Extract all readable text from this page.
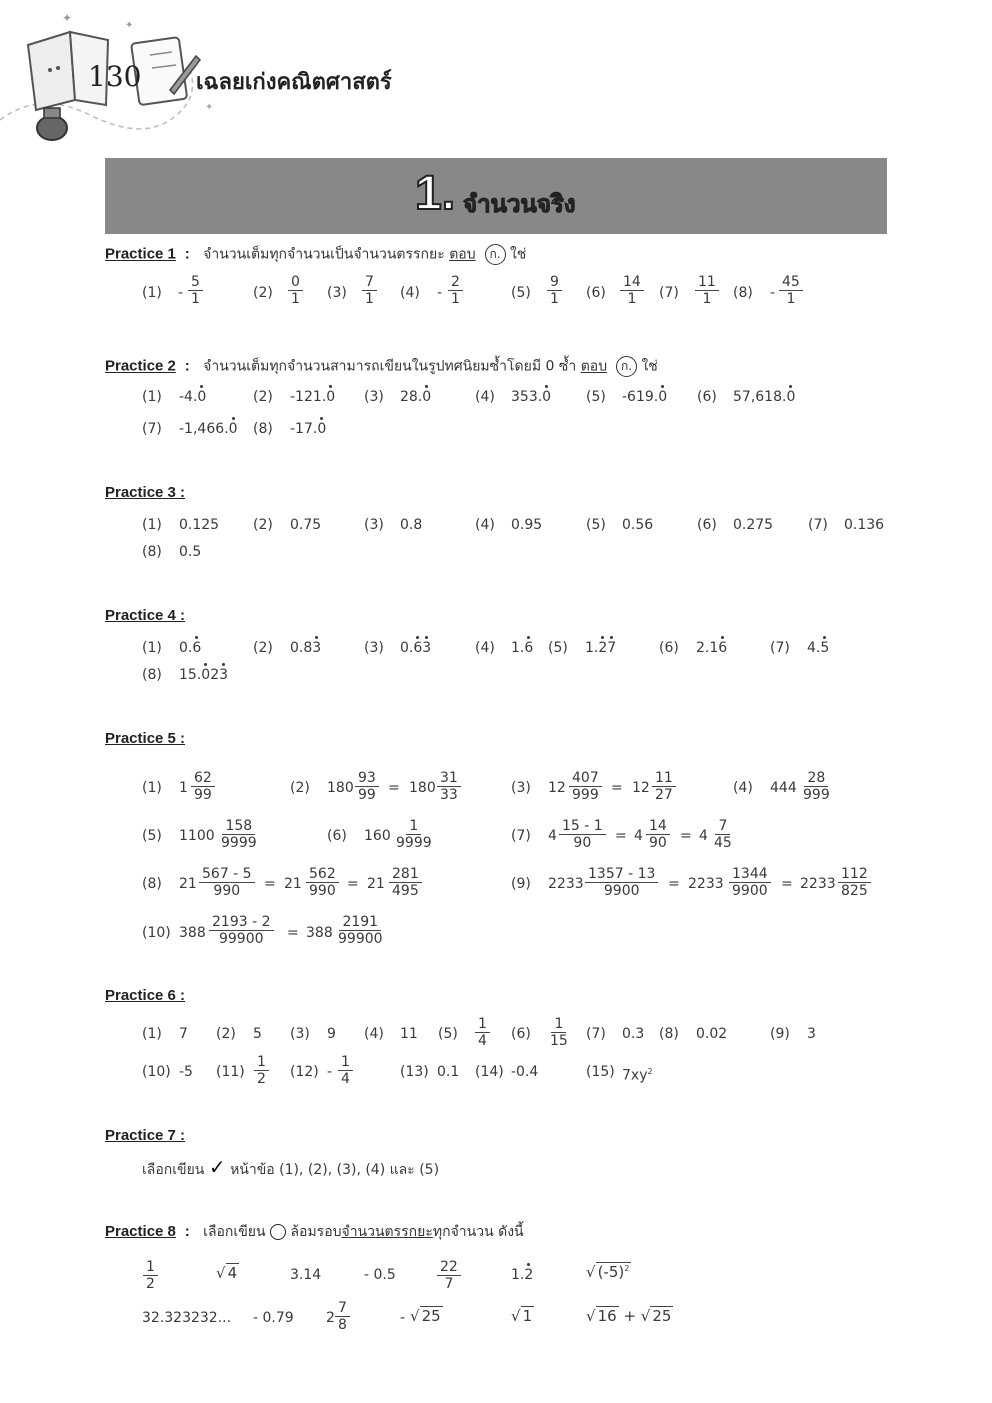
✦
✦
✦
130 เฉลยเก่งคณิตศาสตร์
1. จำนวนจริง
Practice 1 : จำนวนเต็มทุกจำนวนเป็นจำนวนตรรกยะ ตอบ ก. ใช่
$(1) - \frac{5}{1}$	$(2) \frac{0}{1} (3) \frac{7}{1} (4) - \frac{2}{1}$	$(5) \frac{9}{1} (6) \frac{14}{1} (7) \frac{11}{1} (8) - \frac{45}{1}$
Practice 2 : จำนวนเต็มทุกจำนวนสามารถเขียนในรูปทศนิยมซ้ำโดยมี 0 ซ้ำ ตอบ ก. ใช่
(1) -4.0	(2) -121.0 (3) 28.0	(4) 353.0 (5) -619.0 (6) 57,618.0
(7) -1,466.0 (8) -17.0
Practice 3 :
(1) 0.125 (2) 0.75	(3) 0.8	(4) 0.95	(5) 0.56	(6) 0.275 (7) 0.136
(8) 0.5
Practice 4 :
(1) 0.6	(2) 0.83	(3) 0.63	(4) 1.6 (5) 1.27	(6) 2.16	(7) 4.5
(8) 15.023
Practice 5 :
(1) $1 \frac{62}{99}$	(2) $180 \frac{93}{99} = 180 \frac{31}{33}$	(3) $12 \frac{407}{999} = 12 \frac{11}{27}$	(4) $444 \frac{28}{999}$
(5) $1100 \frac{158}{9999}$	(6) $160 \frac{1}{9999}$	(7) $4 \frac{15 - 1}{90} = 4 \frac{14}{90} = 4 \frac{7}{45}$
(8) $21 \frac{567 - 5}{990} = 21 \frac{562}{990} = 21 \frac{281}{495}$	(9) $2233 \frac{1357 - 13}{9900} = 2233 \frac{1344}{9900} = 2233 \frac{112}{825}$
(10) $388 \frac{2193 - 2}{99900} = 388 \frac{2191}{99900}$
Practice 6 :
(1) 7 (2) 5 (3) 9 (4) 11 $(5) \frac{1}{4} (6) \frac{1}{15} (7)$ 0.3 (8) 0.02	(9) 3
(10) -5 $(11) \frac{1}{2} (12) - \frac{1}{4}$	(13) 0.1 (14) -0.4	(15) $7xy^2$
Practice 7 :
เลือกเขียน ✓ หน้าข้อ (1), (2), (3), (4) และ (5)
Practice 8 : เลือกเขียน ล้อมรอบจำนวนตรรกยะทุกจำนวน ดังนี้
$\frac{1}{2}$	√ 4	3.14	- 0.5	$\frac{22}{7}$	1.2	√ $(-5)^2$
32.323232... - 0.79 $2 \frac{7}{8}$	- √ 25	√ 1	√ 16 + √ 25
